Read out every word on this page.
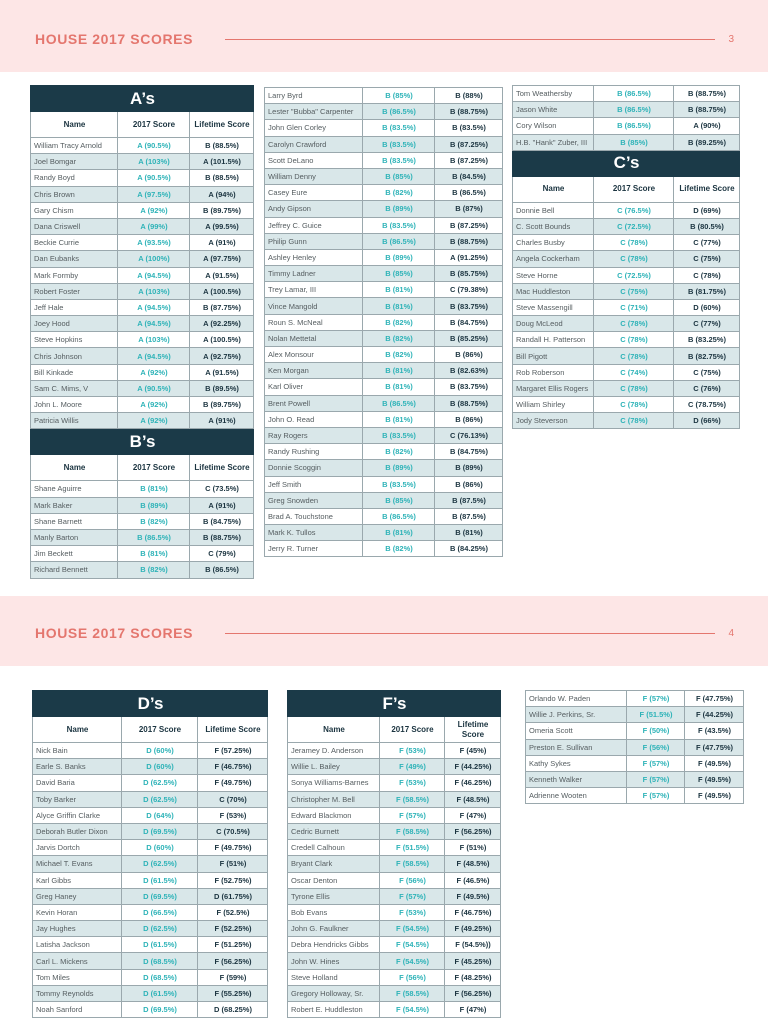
HOUSE 2017 SCORES	3
HOUSE 2017 SCORES	4
A’s		
Name	2017 Score	Lifetime Score
William Tracy Arnold	A (90.5%)	B (88.5%)
Joel Bomgar	A (103%)	A (101.5%)
Randy Boyd	A (90.5%)	B (88.5%)
Chris Brown	A (97.5%)	A (94%)
Gary Chism	A (92%)	B (89.75%)
Dana Criswell	A (99%)	A (99.5%)
Beckie Currie	A (93.5%)	A (91%)
Dan Eubanks	A (100%)	A (97.75%)
Mark Formby	A (94.5%)	A (91.5%)
Robert Foster	A (103%)	A (100.5%)
Jeff Hale	A (94.5%)	B (87.75%)
Joey Hood	A (94.5%)	A (92.25%)
Steve Hopkins	A (103%)	A (100.5%)
Chris Johnson	A (94.5%)	A (92.75%)
Bill Kinkade	A (92%)	A (91.5%)
Sam C. Mims, V	A (90.5%)	B (89.5%)
John L. Moore	A (92%)	B (89.75%)
Patricia Willis	A (92%)	A (91%)
B’s		
Name	2017 Score	Lifetime Score
Shane Aguirre	B (81%)	C (73.5%)
Mark Baker	B (89%)	A (91%)
Shane Barnett	B (82%)	B (84.75%)
Manly Barton	B (86.5%)	B (88.75%)
Jim Beckett	B (81%)	C (79%)
Richard Bennett	B (82%)	B (86.5%)
Larry Byrd	B (85%)	B (88%)
Lester "Bubba" Carpenter	B (86.5%)	B (88.75%)
John Glen Corley	B (83.5%)	B (83.5%)
Carolyn Crawford	B (83.5%)	B (87.25%)
Scott DeLano	B (83.5%)	B (87.25%)
William Denny	B (85%)	B (84.5%)
Casey Eure	B (82%)	B (86.5%)
Andy Gipson	B (89%)	B (87%)
Jeffrey C. Guice	B (83.5%)	B (87.25%)
Philip Gunn	B (86.5%)	B (88.75%)
Ashley Henley	B (89%)	A (91.25%)
Timmy Ladner	B (85%)	B (85.75%)
Trey Lamar, III	B (81%)	C (79.38%)
Vince Mangold	B (81%)	B (83.75%)
Roun S. McNeal	B (82%)	B (84.75%)
Nolan Mettetal	B (82%)	B (85.25%)
Alex Monsour	B (82%)	B (86%)
Ken Morgan	B (81%)	B (82.63%)
Karl Oliver	B (81%)	B (83.75%)
Brent Powell	B (86.5%)	B (88.75%)
John O. Read	B (81%)	B (86%)
Ray Rogers	B (83.5%)	C (76.13%)
Randy Rushing	B (82%)	B (84.75%)
Donnie Scoggin	B (89%)	B (89%)
Jeff Smith	B (83.5%)	B (86%)
Greg Snowden	B (85%)	B (87.5%)
Brad A. Touchstone	B (86.5%)	B (87.5%)
Mark K. Tullos	B (81%)	B (81%)
Jerry R. Turner	B (82%)	B (84.25%)
Tom Weathersby	B (86.5%)	B (88.75%)
Jason White	B (86.5%)	B (88.75%)
Cory Wilson	B (86.5%)	A (90%)
H.B. "Hank" Zuber, III	B (85%)	B (89.25%)
C’s		
Name	2017 Score	Lifetime Score
Donnie Bell	C (76.5%)	D (69%)
C. Scott Bounds	C (72.5%)	B (80.5%)
Charles Busby	C (78%)	C (77%)
Angela Cockerham	C (78%)	C (75%)
Steve Horne	C (72.5%)	C (78%)
Mac Huddleston	C (75%)	B (81.75%)
Steve Massengill	C (71%)	D (60%)
Doug McLeod	C (78%)	C (77%)
Randall H. Patterson	C (78%)	B (83.25%)
Bill Pigott	C (78%)	B (82.75%)
Rob Roberson	C (74%)	C (75%)
Margaret Ellis Rogers	C (78%)	C (76%)
William Shirley	C (78%)	C (78.75%)
Jody Steverson	C (78%)	D (66%)
D’s		
Name	2017 Score	Lifetime Score
Nick Bain	D (60%)	F (57.25%)
Earle S. Banks	D (60%)	F (46.75%)
David Baria	D (62.5%)	F (49.75%)
Toby Barker	D (62.5%)	C (70%)
Alyce Griffin Clarke	D (64%)	F (53%)
Deborah Butler Dixon	D (69.5%)	C (70.5%)
Jarvis Dortch	D (60%)	F (49.75%)
Michael T. Evans	D (62.5%)	F (51%)
Karl Gibbs	D (61.5%)	F (52.75%)
Greg Haney	D (69.5%)	D (61.75%)
Kevin Horan	D (66.5%)	F (52.5%)
Jay Hughes	D (62.5%)	F (52.25%)
Latisha Jackson	D (61.5%)	F (51.25%)
Carl L. Mickens	D (68.5%)	F (56.25%)
Tom Miles	D (68.5%)	F (59%)
Tommy Reynolds	D (61.5%)	F (55.25%)
Noah Sanford	D (69.5%)	D (68.25%)
F’s		
Name	2017 Score	Lifetime Score
Jeramey D. Anderson	F (53%)	F (45%)
Willie L. Bailey	F (49%)	F (44.25%)
Sonya Williams-Barnes	F (53%)	F (46.25%)
Christopher M. Bell	F (58.5%)	F (48.5%)
Edward Blackmon	F (57%)	F (47%)
Cedric Burnett	F (58.5%)	F (56.25%)
Credell Calhoun	F (51.5%)	F (51%)
Bryant Clark	F (58.5%)	F (48.5%)
Oscar Denton	F (56%)	F (46.5%)
Tyrone Ellis	F (57%)	F (49.5%)
Bob Evans	F (53%)	F (46.75%)
John G. Faulkner	F (54.5%)	F (49.25%)
Debra Hendricks Gibbs	F (54.5%)	F (54.5%))
John W. Hines	F (54.5%)	F (45.25%)
Steve Holland	F (56%)	F (48.25%)
Gregory Holloway, Sr.	F (58.5%)	F (56.25%)
Robert E. Huddleston	F (54.5%)	F (47%)
Orlando W. Paden	F (57%)	F (47.75%)
Willie J. Perkins, Sr.	F (51.5%)	F (44.25%)
Omeria Scott	F (50%)	F (43.5%)
Preston E. Sullivan	F (56%)	F (47.75%)
Kathy Sykes	F (57%)	F (49.5%)
Kenneth Walker	F (57%)	F (49.5%)
Adrienne Wooten	F (57%)	F (49.5%)
